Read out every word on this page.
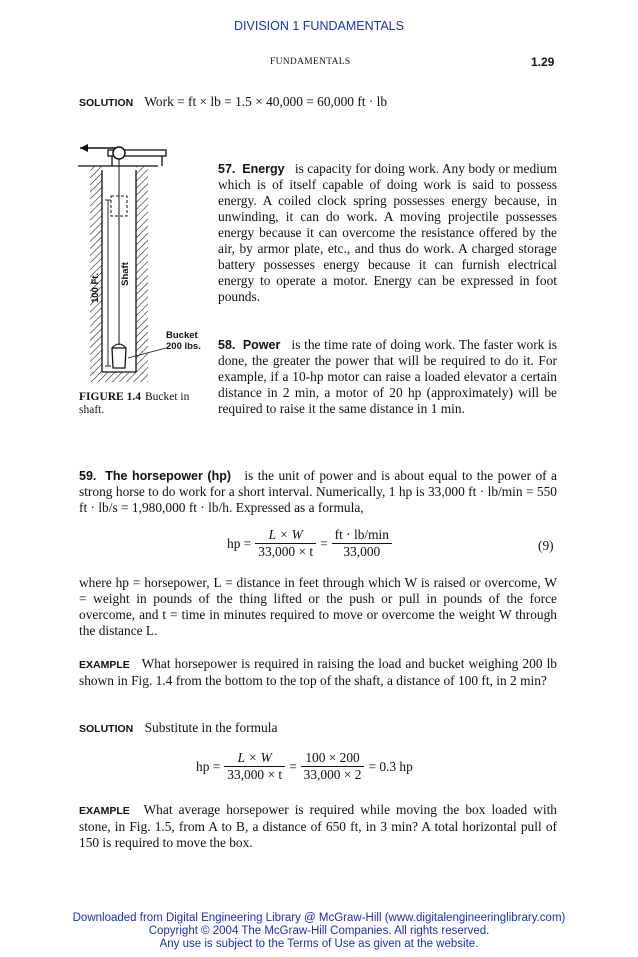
DIVISION 1 FUNDAMENTALS
FUNDAMENTALS	1.29
SOLUTION Work = ft × lb = 1.5 × 40,000 = 60,000 ft · lb
100 Ft. Shaft
Bucket
200 lbs.
FIGURE 1.4 Bucket in shaft.
57. Energy is capacity for doing work. Any body or medium which is of itself capable of doing work is said to possess energy. A coiled clock spring possesses energy because, in unwinding, it can do work. A moving projectile possesses energy because it can overcome the resistance offered by the air, by armor plate, etc., and thus do work. A charged storage battery possesses energy because it can furnish electrical energy to operate a motor. Energy can be expressed in foot pounds.
58. Power is the time rate of doing work. The faster work is done, the greater the power that will be required to do it. For example, if a 10-hp motor can raise a loaded elevator a certain distance in 2 min, a motor of 20 hp (approximately) will be required to raise it the same distance in 1 min.
59. The horsepower (hp) is the unit of power and is about equal to the power of a strong horse to do work for a short interval. Numerically, 1 hp is 33,000 ft · lb/min = 550 ft · lb/s = 1,980,000 ft · lb/h. Expressed as a formula,
hp = $\frac{L \times W}{33,000 \times t} = \frac{ft \cdot lb/\min}{33,000}$	(9)
where hp = horsepower, L = distance in feet through which W is raised or overcome, W = weight in pounds of the thing lifted or the push or pull in pounds of the force overcome, and t = time in minutes required to move or overcome the weight W through the distance L.
EXAMPLE What horsepower is required in raising the load and bucket weighing 200 lb shown in Fig. 1.4 from the bottom to the top of the shaft, a distance of 100 ft, in 2 min?
SOLUTION Substitute in the formula
hp = $\frac{L \times W}{33,000 \times t} = \frac{100 \times 200}{33,000 \times 2} = 0.3$ hp
EXAMPLE What average horsepower is required while moving the box loaded with stone, in Fig. 1.5, from A to B, a distance of 650 ft, in 3 min? A total horizontal pull of 150 is required to move the box.
Downloaded from Digital Engineering Library @ McGraw-Hill (www.digitalengineeringlibrary.com)
Copyright © 2004 The McGraw-Hill Companies. All rights reserved.
Any use is subject to the Terms of Use as given at the website.
